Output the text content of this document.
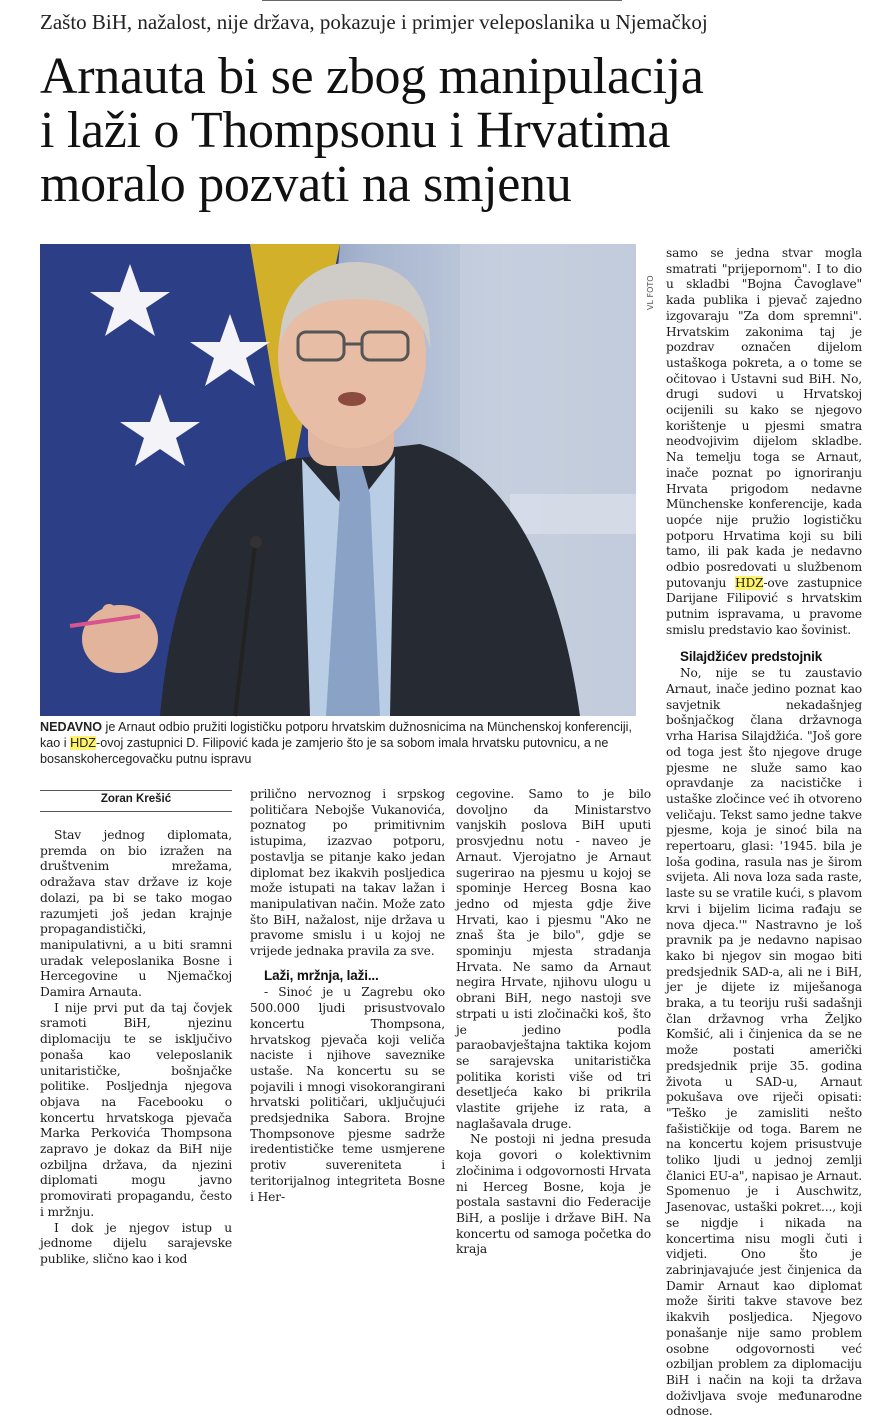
Zašto BiH, nažalost, nije država, pokazuje i primjer veleposlanika u Njemačkoj
Arnauta bi se zbog manipulacija
i laži o Thompsonu i Hrvatima
moralo pozvati na smjenu
VL FOTO
NEDAVNO je Arnaut odbio pružiti logističku potporu hrvatskim dužnosnicima na Münchenskoj konferenciji, kao i HDZ-ovoj zastupnici D. Filipović kada je zamjerio što je sa sobom imala hrvatsku putovnicu, a ne bosanskohercegovačku putnu ispravu
Zoran Krešić

Stav jednog diplomata, premda on bio izražen na društvenim mrežama, odražava stav države iz koje dolazi, pa bi se tako mogao razumjeti još jedan krajnje propagandistički, manipulativni, a u biti sramni uradak veleposlanika Bosne i Hercegovine u Njemačkoj Damira Arnauta.

I nije prvi put da taj čovjek sramoti BiH, njezinu diplomaciju te se isključivo ponaša kao veleposlanik unitarističke, bošnjačke politike. Posljednja njegova objava na Facebooku o koncertu hrvatskoga pjevača Marka Perkovića Thompsona zapravo je dokaz da BiH nije ozbiljna država, da njezini diplomati mogu javno promovirati propagandu, često i mržnju.

I dok je njegov istup u jednome dijelu sarajevske publike, slično kao i kod

prilično nervoznog i srpskog političara Nebojše Vukanovića, poznatog po primitivnim istupima, izazvao potporu, postavlja se pitanje kako jedan diplomat bez ikakvih posljedica može istupati na takav lažan i manipulativan način. Može zato što BiH, nažalost, nije država u pravome smislu i u kojoj ne vrijede jednaka pravila za sve.

Laži, mržnja, laži...

- Sinoć je u Zagrebu oko 500.000 ljudi prisustvovalo koncertu Thompsona, hrvatskog pjevača koji veliča naciste i njihove saveznike ustaše. Na koncertu su se pojavili i mnogi visokorangirani hrvatski političari, uključujući predsjednika Sabora. Brojne Thompsonove pjesme sadrže iredentističke teme usmjerene protiv suvereniteta i teritorijalnog integriteta Bosne i Her-

cegovine. Samo to je bilo dovoljno da Ministarstvo vanjskih poslova BiH uputi prosvjednu notu - naveo je Arnaut. Vjerojatno je Arnaut sugerirao na pjesmu u kojoj se spominje Herceg Bosna kao jedno od mjesta gdje žive Hrvati, kao i pjesmu "Ako ne znaš šta je bilo", gdje se spominju mjesta stradanja Hrvata. Ne samo da Arnaut negira Hrvate, njihovu ulogu u obrani BiH, nego nastoji sve strpati u isti zločinački koš, što je jedino podla paraobavještajna taktika kojom se sarajevska unitaristička politika koristi više od tri desetljeća kako bi prikrila vlastite grijehe iz rata, a naglašavala druge.

Ne postoji ni jedna presuda koja govori o kolektivnim zločinima i odgovornosti Hrvata ni Herceg Bosne, koja je postala sastavni dio Federacije BiH, a poslije i države BiH. Na koncertu od samoga početka do kraja

samo se jedna stvar mogla smatrati "prijepornom". I to dio u skladbi "Bojna Čavoglave" kada publika i pjevač zajedno izgovaraju "Za dom spremni". Hrvatskim zakonima taj je pozdrav označen dijelom ustaškoga pokreta, a o tome se očitovao i Ustavni sud BiH. No, drugi sudovi u Hrvatskoj ocijenili su kako se njegovo korištenje u pjesmi smatra neodvojivim dijelom skladbe. Na temelju toga se Arnaut, inače poznat po ignoriranju Hrvata prigodom nedavne Münchenske konferencije, kada uopće nije pružio logističku potporu Hrvatima koji su bili tamo, ili pak kada je nedavno odbio posredovati u službenom putovanju HDZ-ove zastupnice Darijane Filipović s hrvatskim putnim ispravama, u pravome smislu predstavio kao šovinist.

Silajdžićev predstojnik

No, nije se tu zaustavio Arnaut, inače jedino poznat kao savjetnik nekadašnjeg bošnjačkog člana državnoga vrha Harisa Silajdžića. "Još gore od toga jest što njegove druge pjesme ne služe samo kao opravdanje za nacističke i ustaške zločince već ih otvoreno veličaju. Tekst samo jedne takve pjesme, koja je sinoć bila na repertoaru, glasi: '1945. bila je loša godina, rasula nas je širom svijeta. Ali nova loza sada raste, laste su se vratile kući, s plavom krvi i bijelim licima rađaju se nova djeca.'" Nastravno je loš pravnik pa je nedavno napisao kako bi njegov sin mogao biti predsjednik SAD-a, ali ne i BiH, jer je dijete iz miješanoga braka, a tu teoriju ruši sadašnji član državnog vrha Željko Komšić, ali i činjenica da se ne može postati američki predsjednik prije 35. godina života u SAD-u, Arnaut pokušava ove riječi opisati: "Teško je zamisliti nešto fašističkije od toga. Barem ne na koncertu kojem prisustvuje toliko ljudi u jednoj zemlji članici EU-a", napisao je Arnaut. Spomenuo je i Auschwitz, Jasenovac, ustaški pokret..., koji se nigdje i nikada na koncertima nisu mogli čuti i vidjeti. Ono što je zabrinjavajuće jest činjenica da Damir Arnaut kao diplomat može širiti takve stavove bez ikakvih posljedica. Njegovo ponašanje nije samo problem osobne odgovornosti već ozbiljan problem za diplomaciju BiH i način na koji ta država doživljava svoje međunarodne odnose.
